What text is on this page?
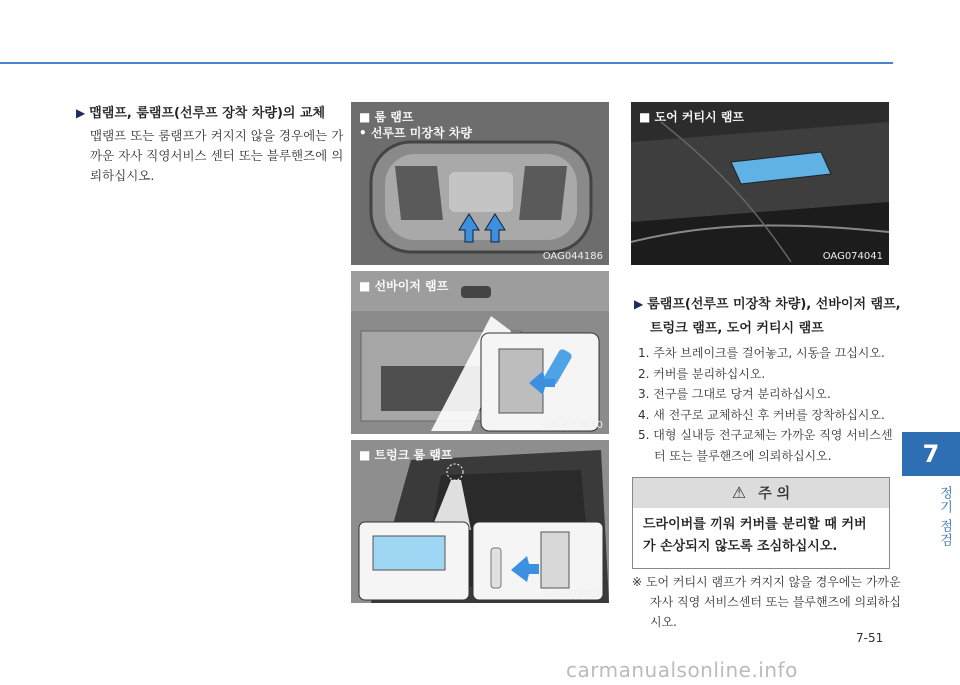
▶ 맵램프, 룸램프(선루프 장착 차량)의 교체
맵램프 또는 룸램프가 켜지지 않을 경우에는 가까운 자사 직영서비스 센터 또는 블루핸즈에 의뢰하십시오.
■ 룸 램프
• 선루프 미장착 차량
OAG044186
■ 선바이저 램프
OAG074040
■ 트렁크 룸 램프
OAG074036
■ 도어 커티시 램프
OAG074041
▶ 룸램프(선루프 미장착 차량), 선바이저 램프, 트렁크 램프, 도어 커티시 램프
1. 주차 브레이크를 걸어놓고, 시동을 끄십시오.
2. 커버를 분리하십시오.
3. 전구를 그대로 당겨 분리하십시오.
4. 새 전구로 교체하신 후 커버를 장착하십시오.
5. 대형 실내등 전구교체는 가까운 직영 서비스센터 또는 블루핸즈에 의뢰하십시오.
⚠ 주 의
드라이버를 끼워 커버를 분리할 때 커버가 손상되지 않도록 조심하십시오.
※ 도어 커티시 램프가 켜지지 않을 경우에는 가까운 자사 직영 서비스센터 또는 블루핸즈에 의뢰하십시오.
7
정기 점검
7-51
carmanualsonline.info
